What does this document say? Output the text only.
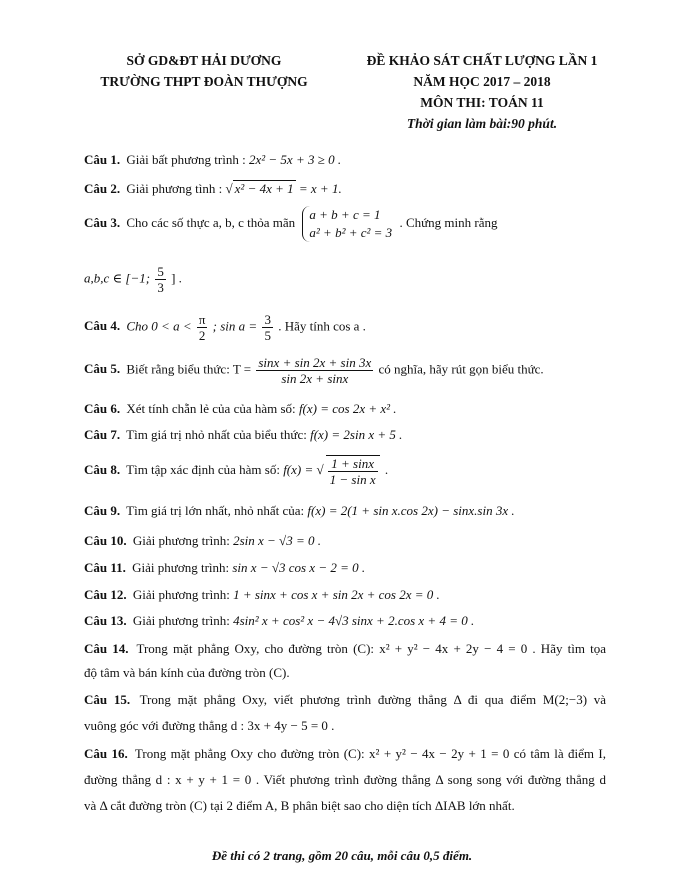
SỞ GD&ĐT HẢI DƯƠNG
TRƯỜNG THPT ĐOÀN THƯỢNG
ĐỀ KHẢO SÁT CHẤT LƯỢNG LẦN 1
NĂM HỌC 2017 – 2018
MÔN THI: TOÁN 11
Thời gian làm bài:90 phút.
Câu 1. Giải bất phương trình : 2x² − 5x + 3 ≥ 0 .
Câu 2. Giải phương tình : √ x² − 4x + 1 = x + 1.
Câu 3. Cho các số thực a, b, c thỏa mãn
a + b + c = 1
a² + b² + c² = 3
. Chứng minh rằng
a,b,c ∈ [−1; $\frac{5}{3}$ ] .
Câu 4. Cho $0 < a < \frac{\pi}{2}$ ; $\sin a = \frac{3}{5}$ . Hãy tính cos a .
Câu 5. Biết rằng biểu thức: $T = \frac{\sin x + \sin 2x + \sin 3x}{\sin 2x + \sin x}$ có nghĩa, hãy rút gọn biểu thức.
Câu 6. Xét tính chẵn lẻ của của hàm số: f(x) = cos 2x + x² .
Câu 7. Tìm giá trị nhỏ nhất của biểu thức: f(x) = 2sin x + 5 .
Câu 8. Tìm tập xác định của hàm số: f(x) = √ $\frac{1 + \sin x}{\text{1 − sin x}}$ .
Câu 9. Tìm giá trị lớn nhất, nhỏ nhất của: f(x) = 2(1 + sin x.cos 2x) − sinx.sin 3x .
Câu 10. Giải phương trình: 2sin x − √3 = 0 .
Câu 11. Giải phương trình: sin x − √3 cos x − 2 = 0 .
Câu 12. Giải phương trình: 1 + sinx + cos x + sin 2x + cos 2x = 0 .
Câu 13. Giải phương trình: 4sin² x + cos² x − 4√3 sinx + 2.cos x + 4 = 0 .
Câu 14. Trong mặt phẳng Oxy, cho đường tròn (C): x² + y² − 4x + 2y − 4 = 0 . Hãy tìm tọa
độ tâm và bán kính của đường tròn (C).
Câu 15. Trong mặt phẳng Oxy, viết phương trình đường thẳng Δ đi qua điểm M(2;−3) và
vuông góc với đường thẳng d : 3x + 4y − 5 = 0 .
Câu 16. Trong mặt phẳng Oxy cho đường tròn (C): x² + y² − 4x − 2y + 1 = 0 có tâm là điểm I,
đường thẳng d : x + y + 1 = 0 . Viết phương trình đường thẳng Δ song song với đường thẳng d
và Δ cắt đường tròn (C) tại 2 điểm A, B phân biệt sao cho diện tích ΔIAB lớn nhất.
Đề thi có 2 trang, gồm 20 câu, mỗi câu 0,5 điểm.
